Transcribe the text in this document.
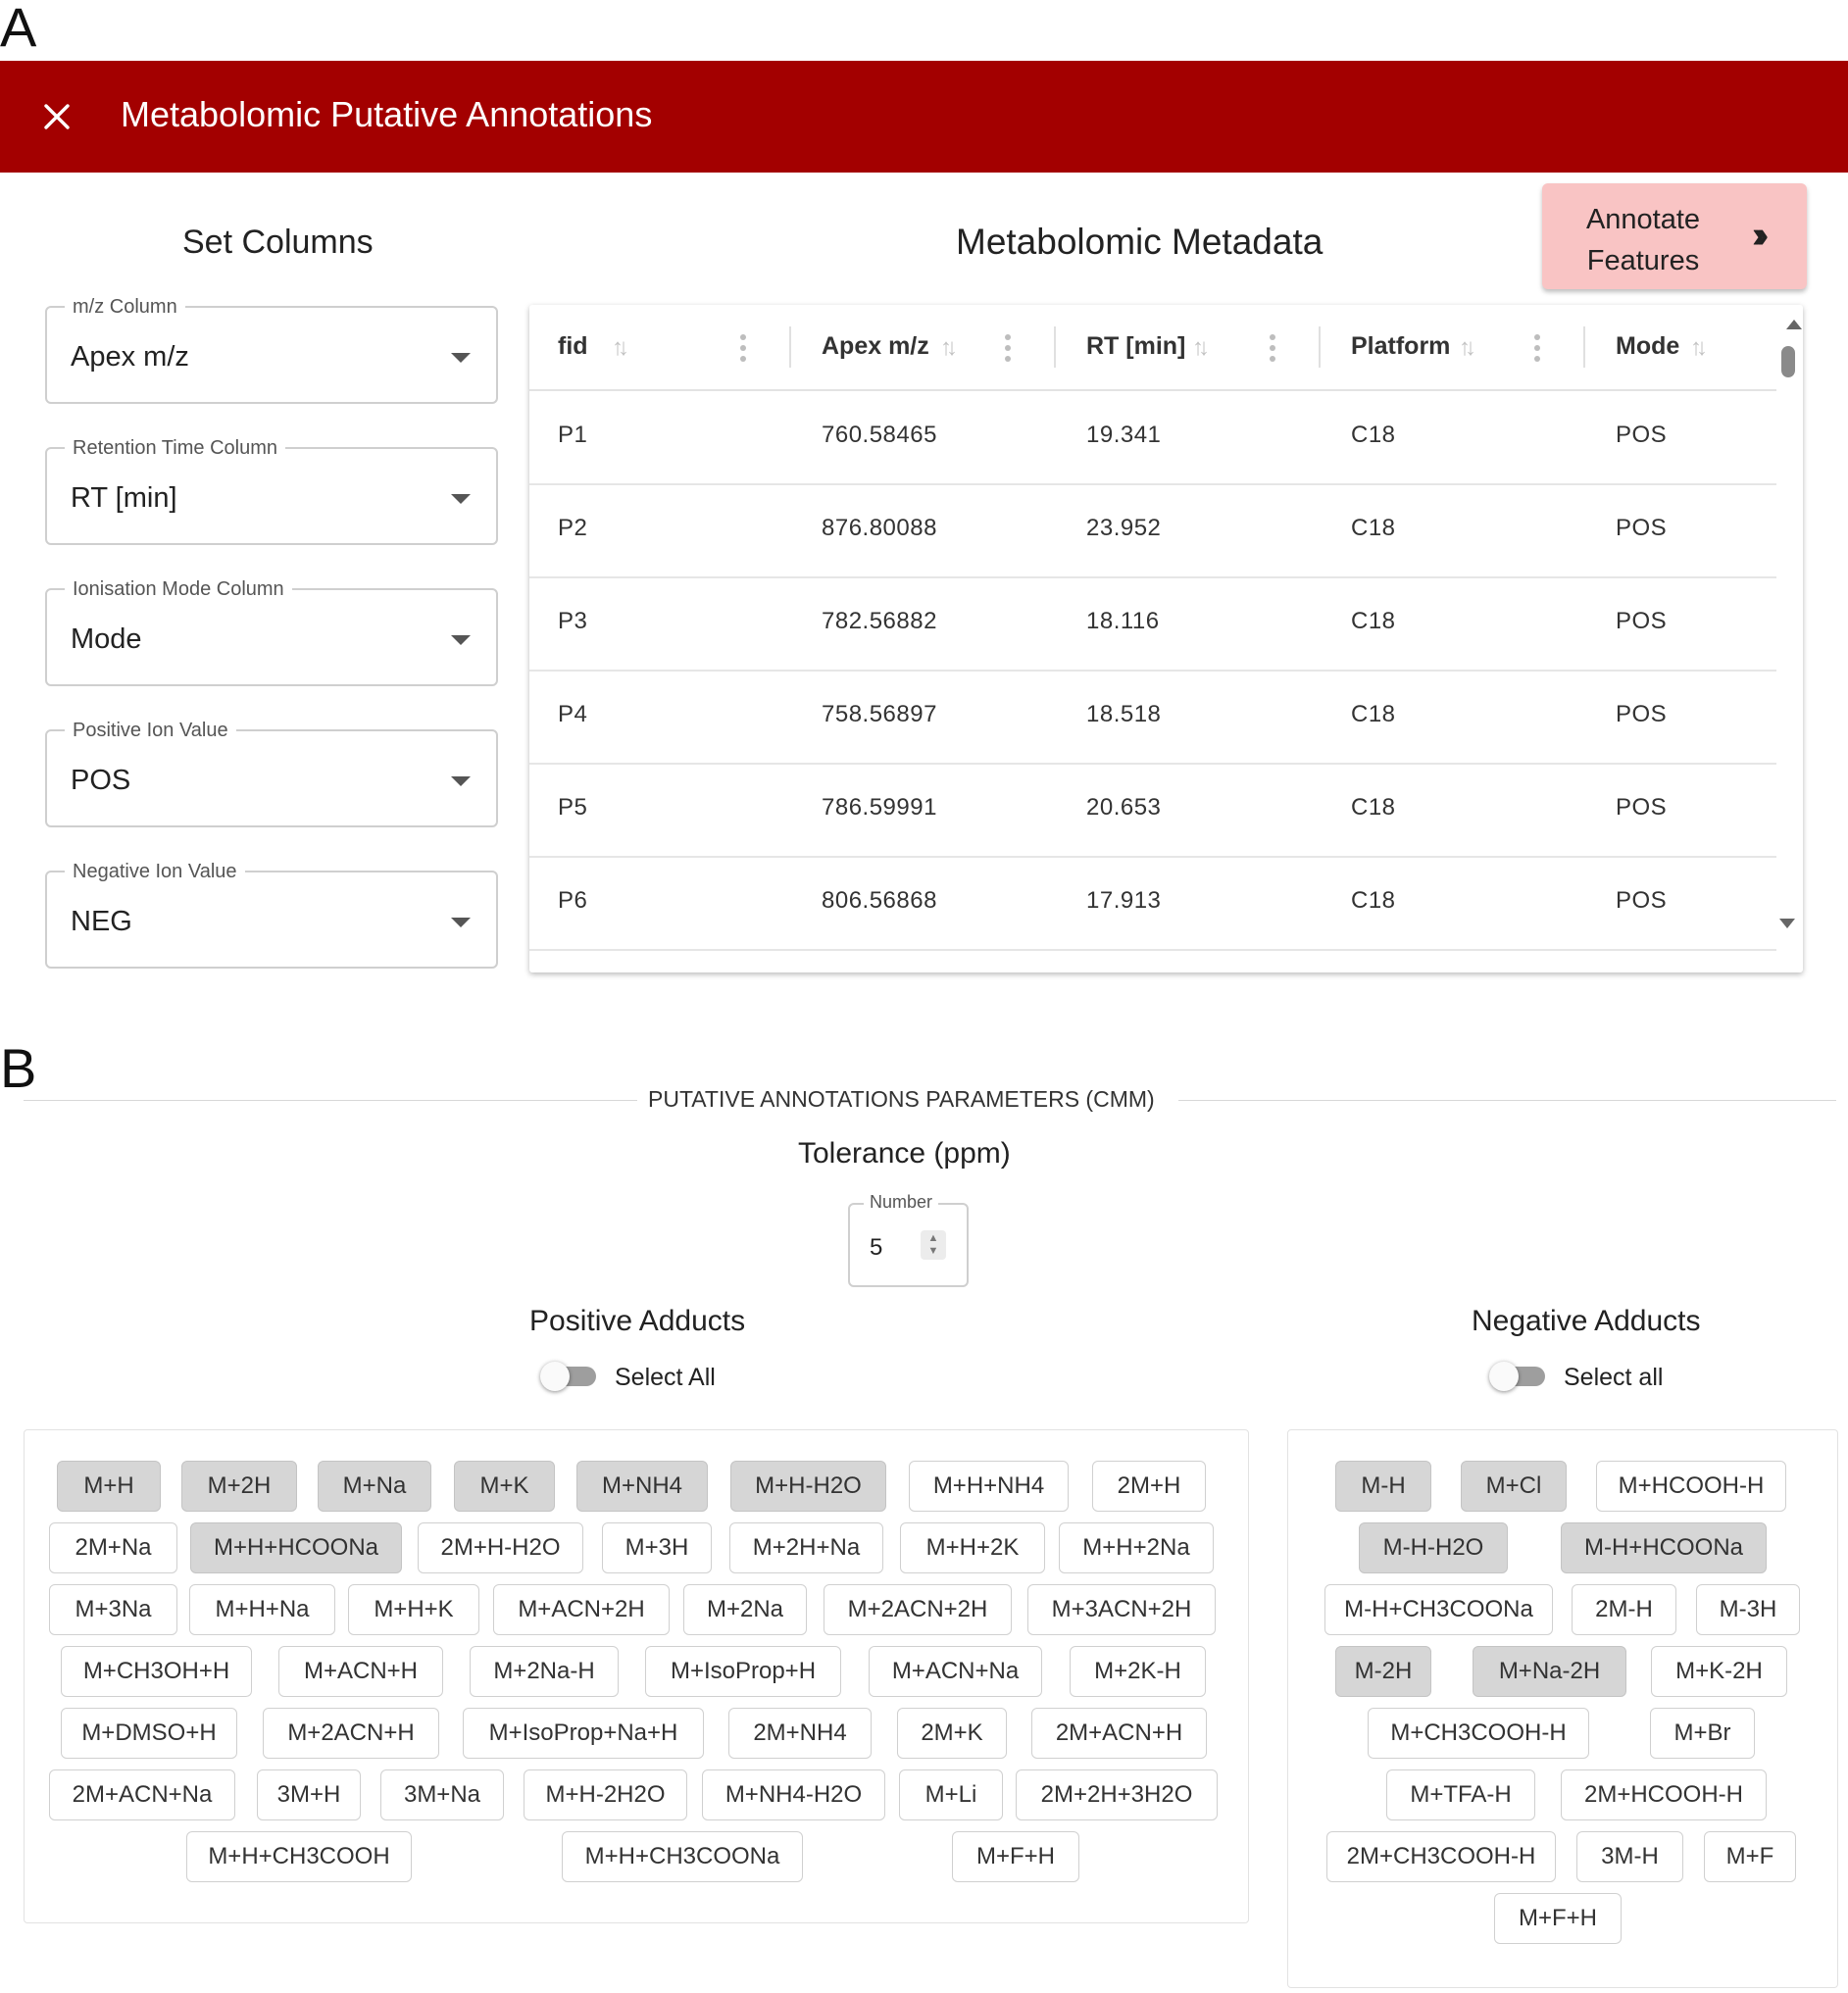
A
Metabolomic Putative Annotations
Set Columns
m/z Column
Apex m/z
Retention Time Column
RT [min]
Ionisation Mode Column
Mode
Positive Ion Value
POS
Negative Ion Value
NEG
Metabolomic Metadata
Annotate Features
››
fid ↑↓	Apex m/z ↑↓	RT [min] ↑↓	Platform ↑↓	Mode ↑↓
P1	760.58465	19.341	C18	POS
P2	876.80088	23.952	C18	POS
P3	782.56882	18.116	C18	POS
P4	758.56897	18.518	C18	POS
P5	786.59991	20.653	C18	POS
P6	806.56868	17.913	C18	POS
B	PUTATIVE ANNOTATIONS PARAMETERS (CMM)
Tolerance (ppm)
Number
5	▲
▼
Positive Adducts
Select All
Negative Adducts
Select all
M+H	M+2H	M+Na	M+K	M+NH4	M+H-H2O	M+H+NH4	2M+H
2M+Na	M+H+HCOONa	2M+H-H2O	M+3H	M+2H+Na	M+H+2K	M+H+2Na
M+3Na	M+H+Na	M+H+K	M+ACN+2H	M+2Na	M+2ACN+2H	M+3ACN+2H
M+CH3OH+H	M+ACN+H	M+2Na-H	M+IsoProp+H	M+ACN+Na	M+2K-H
M+DMSO+H	M+2ACN+H	M+IsoProp+Na+H	2M+NH4	2M+K	2M+ACN+H
2M+ACN+Na	3M+H	3M+Na	M+H-2H2O	M+NH4-H2O	M+Li	2M+2H+3H2O
M+H+CH3COOH	M+H+CH3COONa	M+F+H
M-H	M+Cl	M+HCOOH-H
M-H-H2O	M-H+HCOONa
M-H+CH3COONa	2M-H	M-3H
M-2H	M+Na-2H	M+K-2H
M+CH3COOH-H	M+Br
M+TFA-H	2M+HCOOH-H
2M+CH3COOH-H	3M-H	M+F
M+F+H
